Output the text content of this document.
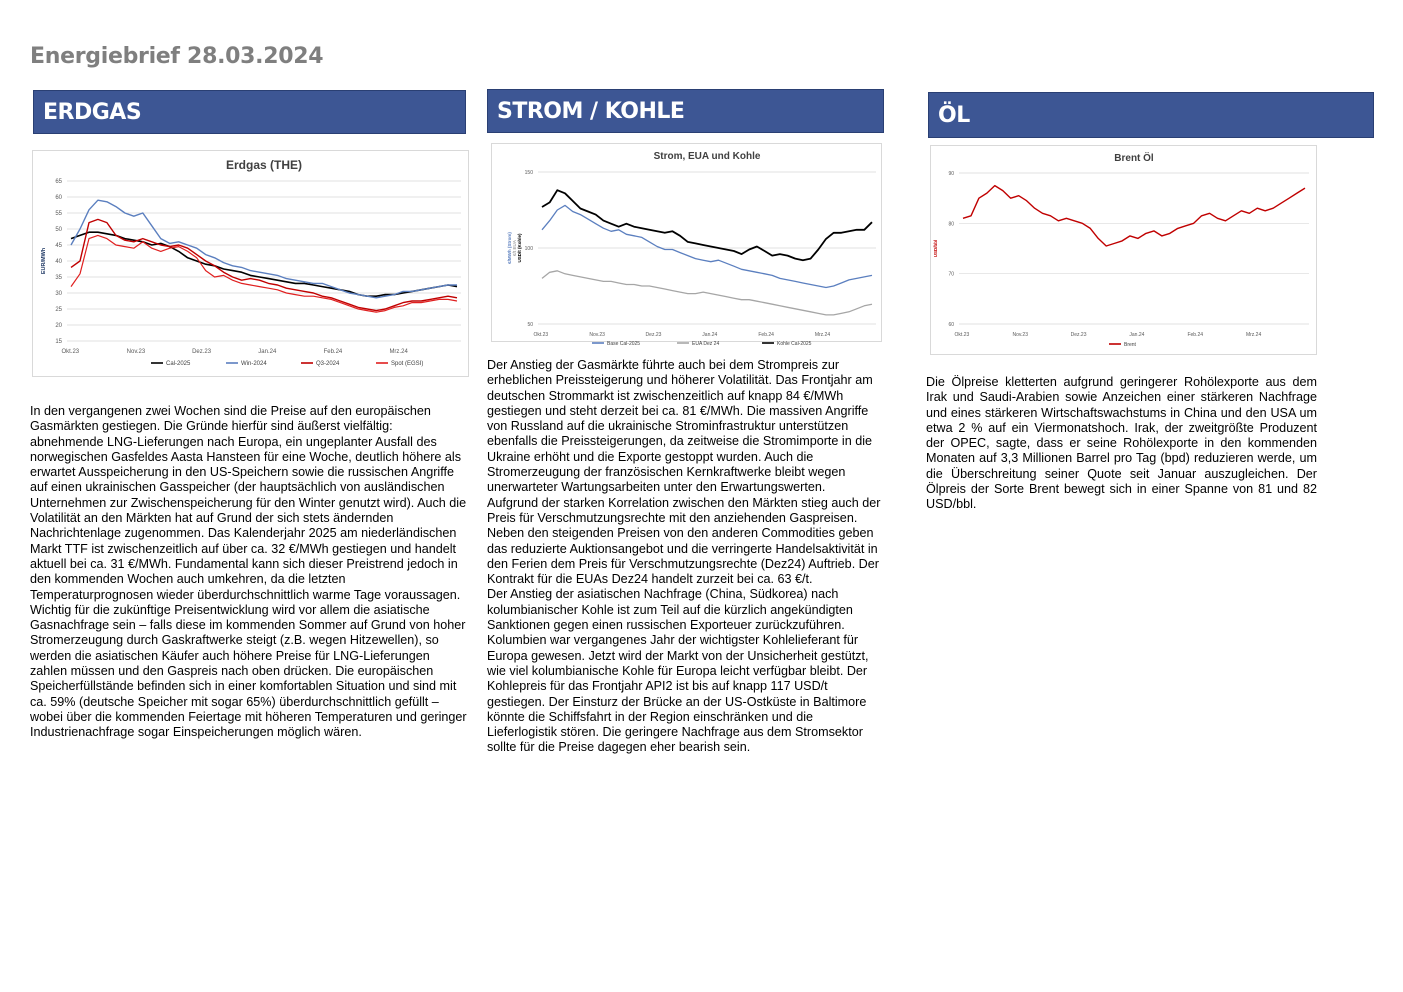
Energiebrief 28.03.2024
ERDGAS
Erdgas (THE)
15
20
25
30
35
40
45
50
55
60
65
Okt.23	Nov.23	Dez.23	Jan.24	Feb.24	Mrz.24
EUR/MWh
Cal-2025	Win-2024	Q3-2024	Spot (EGSI)
In den vergangenen zwei Wochen sind die Preise auf den europäischen Gasmärkten gestiegen. Die Gründe hierfür sind äußerst vielfältig: abnehmende LNG-Lieferungen nach Europa, ein ungeplanter Ausfall des norwegischen Gasfeldes Aasta Hansteen für eine Woche, deutlich höhere als erwartet Ausspeicherung in den US-Speichern sowie die russischen Angriffe auf einen ukrainischen Gasspeicher (der hauptsächlich von ausländischen Unternehmen zur Zwischenspeicherung für den Winter genutzt wird). Auch die Volatilität an den Märkten hat auf Grund der sich stets ändernden Nachrichtenlage zugenommen. Das Kalenderjahr 2025 am niederländischen Markt TTF ist zwischenzeitlich auf über ca. 32 €/MWh gestiegen und handelt aktuell bei ca. 31 €/MWh. Fundamental kann sich dieser Preistrend jedoch in den kommenden Wochen auch umkehren, da die letzten Temperaturprognosen wieder überdurchschnittlich warme Tage voraussagen. Wichtig für die zukünftige Preisentwicklung wird vor allem die asiatische Gasnachfrage sein – falls diese im kommenden Sommer auf Grund von hoher Stromerzeugung durch Gaskraftwerke steigt (z.B. wegen Hitzewellen), so werden die asiatischen Käufer auch höhere Preise für LNG-Lieferungen zahlen müssen und den Gaspreis nach oben drücken. Die europäischen Speicherfüllstände befinden sich in einer komfortablen Situation und sind mit ca. 59% (deutsche Speicher mit sogar 65%) überdurchschnittlich gefüllt – wobei über die kommenden Feiertage mit höheren Temperaturen und geringer Industrienachfrage sogar Einspeicherungen möglich wären.
STROM / KOHLE
Strom, EUA und Kohle
50
100
150
Okt.23	Nov.23	Dez.23	Jan.24	Feb.24	Mrz.24
€/MWh (Strom)€/t EUAUSD/t (Kohle)
Base Cal-2025	EUA Dez 24	Kohle Cal-2025

Der Anstieg der Gasmärkte führte auch bei dem Strompreis zur erheblichen Preissteigerung und höherer Volatilität. Das Frontjahr am deutschen Strommarkt ist zwischenzeitlich auf knapp 84 €/MWh gestiegen und steht derzeit bei ca. 81 €/MWh. Die massiven Angriffe von Russland auf die ukrainische Strominfrastruktur unterstützen ebenfalls die Preissteigerungen, da zeitweise die Stromimporte in die Ukraine erhöht und die Exporte gestoppt wurden. Auch die Stromerzeugung der französischen Kernkraftwerke bleibt wegen unerwarteter Wartungsarbeiten unter den Erwartungswerten.

Aufgrund der starken Korrelation zwischen den Märkten stieg auch der Preis für Verschmutzungsrechte mit den anziehenden Gaspreisen. Neben den steigenden Preisen von den anderen Commodities geben das reduzierte Auktionsangebot und die verringerte Handelsaktivität in den Ferien dem Preis für Verschmutzungsrechte (Dez24) Auftrieb. Der Kontrakt für die EUAs Dez24 handelt zurzeit bei ca. 63 €/t.

Der Anstieg der asiatischen Nachfrage (China, Südkorea) nach kolumbianischer Kohle ist zum Teil auf die kürzlich angekündigten Sanktionen gegen einen russischen Exporteuer zurückzuführen. Kolumbien war vergangenes Jahr der wichtigster Kohlelieferant für Europa gewesen. Jetzt wird der Markt von der Unsicherheit gestützt, wie viel kolumbianische Kohle für Europa leicht verfügbar bleibt. Der Kohlepreis für das Frontjahr API2 ist bis auf knapp 117 USD/t gestiegen. Der Einsturz der Brücke an der US-Ostküste in Baltimore könnte die Schiffsfahrt in der Region einschränken und die Lieferlogistik stören. Die geringere Nachfrage aus dem Stromsektor sollte für die Preise dagegen eher bearish sein.

ÖL
Brent Öl
60
70
80
90
Okt.23	Nov.23	Dez.23	Jan.24	Feb.24	Mrz.24
USD/bbl
Brent
Die Ölpreise kletterten aufgrund geringerer Rohölexporte aus dem Irak und Saudi-Arabien sowie Anzeichen einer stärkeren Nachfrage und eines stärkeren Wirtschaftswachstums in China und den USA um etwa 2 % auf ein Viermonatshoch. Irak, der zweitgrößte Produzent der OPEC, sagte, dass er seine Rohölexporte in den kommenden Monaten auf 3,3 Millionen Barrel pro Tag (bpd) reduzieren werde, um die Überschreitung seiner Quote seit Januar auszugleichen. Der Ölpreis der Sorte Brent bewegt sich in einer Spanne von 81 und 82 USD/bbl.
